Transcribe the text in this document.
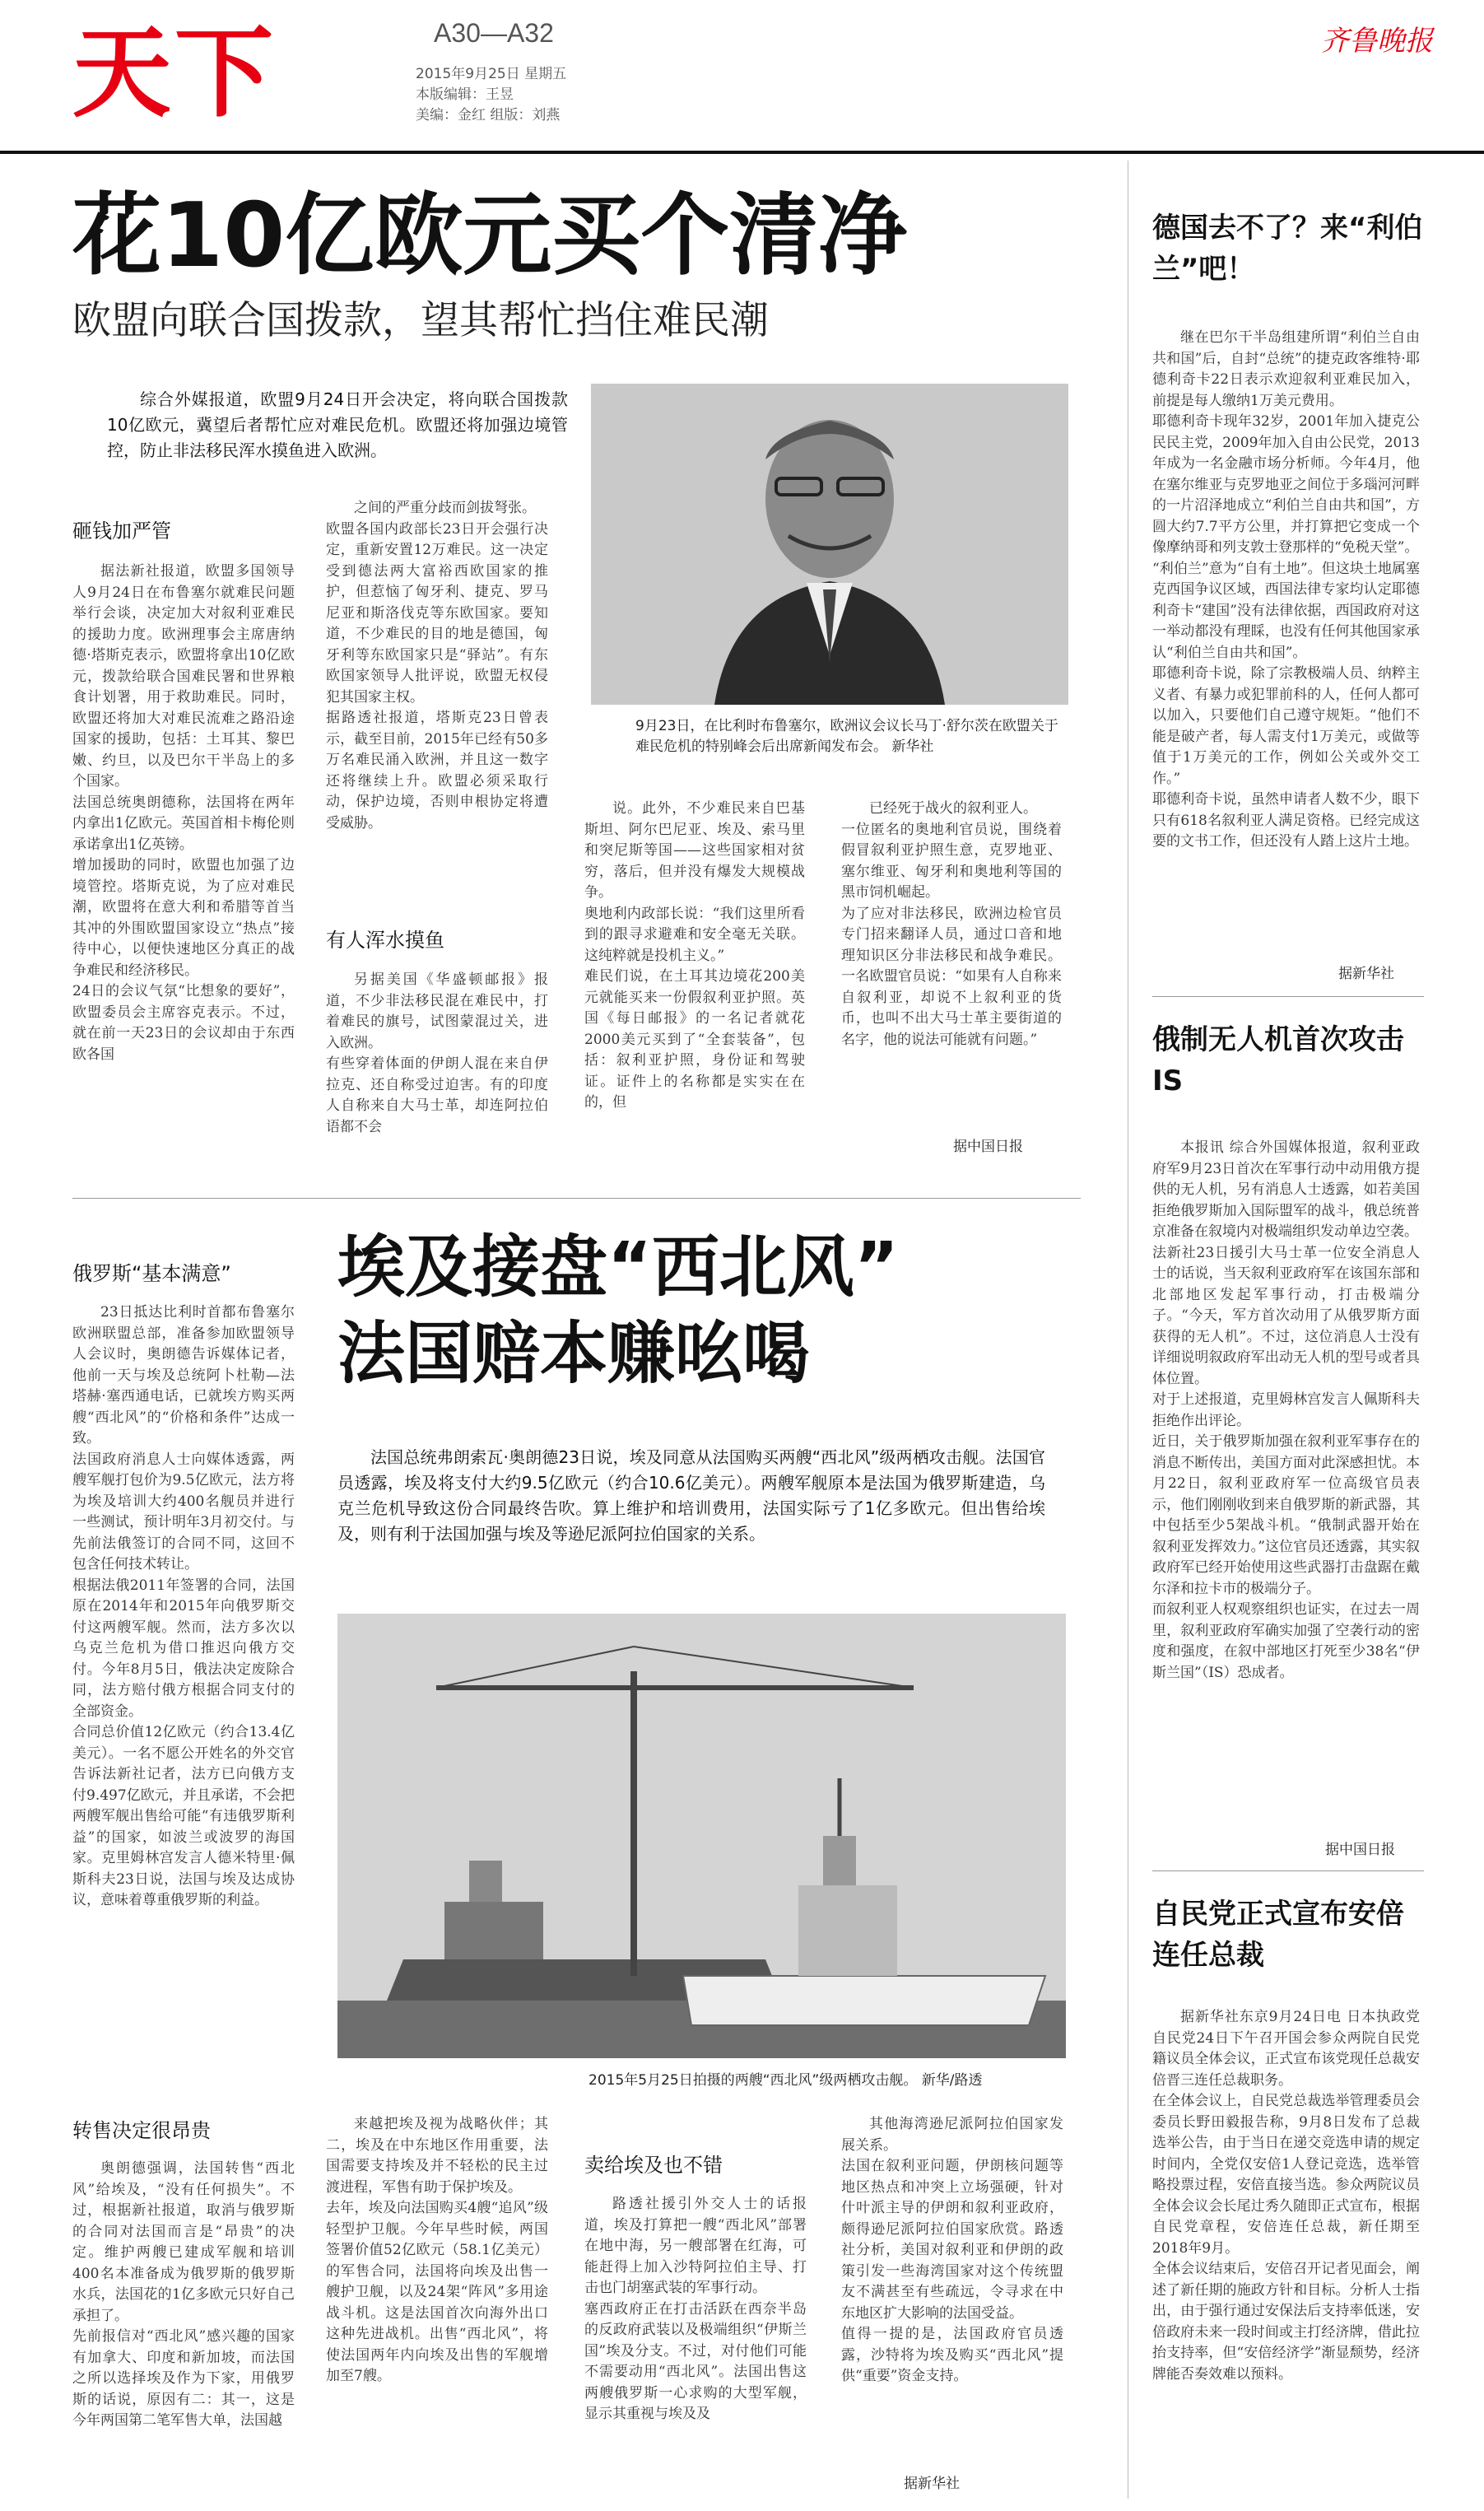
天下	A30—A32
2015年9月25日 星期五
本版编辑：王昱
美编：金红 组版：刘燕
齐鲁晚报
花10亿欧元买个清净
欧盟向联合国拨款，望其帮忙挡住难民潮
综合外媒报道，欧盟9月24日开会决定，将向联合国拨款10亿欧元，冀望后者帮忙应对难民危机。欧盟还将加强边境管控，防止非法移民浑水摸鱼进入欧洲。
砸钱加严管
据法新社报道，欧盟多国领导人9月24日在布鲁塞尔就难民问题举行会谈，决定加大对叙利亚难民的援助力度。欧洲理事会主席唐纳德·塔斯克表示，欧盟将拿出10亿欧元，拨款给联合国难民署和世界粮食计划署，用于救助难民。同时，欧盟还将加大对难民流难之路沿途国家的援助，包括：土耳其、黎巴嫩、约旦，以及巴尔干半岛上的多个国家。
法国总统奥朗德称，法国将在两年内拿出1亿欧元。英国首相卡梅伦则承诺拿出1亿英镑。
增加援助的同时，欧盟也加强了边境管控。塔斯克说，为了应对难民潮，欧盟将在意大利和希腊等首当其冲的外围欧盟国家设立“热点”接待中心，以便快速地区分真正的战争难民和经济移民。
24日的会议气氛“比想象的要好”，欧盟委员会主席容克表示。不过，就在前一天23日的会议却由于东西欧各国
之间的严重分歧而剑拔弩张。
欧盟各国内政部长23日开会强行决定，重新安置12万难民。这一决定受到德法两大富裕西欧国家的推护，但惹恼了匈牙利、捷克、罗马尼亚和斯洛伐克等东欧国家。要知道，不少难民的目的地是德国，匈牙利等东欧国家只是“驿站”。有东欧国家领导人批评说，欧盟无权侵犯其国家主权。
据路透社报道，塔斯克23日曾表示，截至目前，2015年已经有50多万名难民涌入欧洲，并且这一数字还将继续上升。欧盟必须采取行动，保护边境，否则申根协定将遭受威胁。
有人浑水摸鱼
另据美国《华盛顿邮报》报道，不少非法移民混在难民中，打着难民的旗号，试图蒙混过关，进入欧洲。
有些穿着体面的伊朗人混在来自伊拉克、还自称受过迫害。有的印度人自称来自大马士革，却连阿拉伯语都不会
9月23日，在比利时布鲁塞尔，欧洲议会议长马丁·舒尔茨在欧盟关于难民危机的特别峰会后出席新闻发布会。 新华社
说。此外，不少难民来自巴基斯坦、阿尔巴尼亚、埃及、索马里和突尼斯等国——这些国家相对贫穷，落后，但并没有爆发大规模战争。
奥地利内政部长说：“我们这里所看到的跟寻求避难和安全毫无关联。这纯粹就是投机主义。”
难民们说，在土耳其边境花200美元就能买来一份假叙利亚护照。英国《每日邮报》的一名记者就花2000美元买到了“全套装备”，包括：叙利亚护照，身份证和驾驶证。证件上的名称都是实实在在的，但
已经死于战火的叙利亚人。
一位匿名的奥地利官员说，围绕着假冒叙利亚护照生意，克罗地亚、塞尔维亚、匈牙利和奥地利等国的黑市饲机崛起。
为了应对非法移民，欧洲边检官员专门招来翻译人员，通过口音和地理知识区分非法移民和战争难民。一名欧盟官员说：“如果有人自称来自叙利亚，却说不上叙利亚的货币，也叫不出大马士革主要街道的名字，他的说法可能就有问题。”
据中国日报
俄罗斯“基本满意”
23日抵达比利时首都布鲁塞尔欧洲联盟总部，准备参加欧盟领导人会议时，奥朗德告诉媒体记者，他前一天与埃及总统阿卜杜勒—法塔赫·塞西通电话，已就埃方购买两艘“西北风”的“价格和条件”达成一致。
法国政府消息人士向媒体透露，两艘军舰打包价为9.5亿欧元，法方将为埃及培训大约400名舰员并进行一些测试，预计明年3月初交付。与先前法俄签订的合同不同，这回不包含任何技术转让。
根据法俄2011年签署的合同，法国原在2014年和2015年向俄罗斯交付这两艘军舰。然而，法方多次以乌克兰危机为借口推迟向俄方交付。今年8月5日，俄法决定废除合同，法方赔付俄方根据合同支付的全部资金。
合同总价值12亿欧元（约合13.4亿美元）。一名不愿公开姓名的外交官告诉法新社记者，法方已向俄方支付9.497亿欧元，并且承诺，不会把两艘军舰出售给可能“有违俄罗斯利益”的国家，如波兰或波罗的海国家。克里姆林宫发言人德米特里·佩斯科夫23日说，法国与埃及达成协议，意味着尊重俄罗斯的利益。
埃及接盘“西北风”
法国赔本赚吆喝
法国总统弗朗索瓦·奥朗德23日说，埃及同意从法国购买两艘“西北风”级两栖攻击舰。法国官员透露，埃及将支付大约9.5亿欧元（约合10.6亿美元）。两艘军舰原本是法国为俄罗斯建造，乌克兰危机导致这份合同最终告吹。算上维护和培训费用，法国实际亏了1亿多欧元。但出售给埃及，则有利于法国加强与埃及等逊尼派阿拉伯国家的关系。
2015年5月25日拍摄的两艘“西北风”级两栖攻击舰。 新华/路透
转售决定很昂贵
奥朗德强调，法国转售“西北风”给埃及，“没有任何损失”。不过，根据新社报道，取消与俄罗斯的合同对法国而言是“昂贵”的决定。维护两艘已建成军舰和培训400名本准备成为俄罗斯的俄罗斯水兵，法国花的1亿多欧元只好自己承担了。
先前报信对“西北风”感兴趣的国家有加拿大、印度和新加坡，而法国之所以选择埃及作为下家，用俄罗斯的话说，原因有二：其一，这是今年两国第二笔军售大单，法国越
来越把埃及视为战略伙伴；其二，埃及在中东地区作用重要，法国需要支持埃及并不轻松的民主过渡进程，军售有助于保护埃及。
去年，埃及向法国购买4艘“追风”级轻型护卫舰。今年早些时候，两国签署价值52亿欧元（58.1亿美元）的军售合同，法国将向埃及出售一艘护卫舰，以及24架“阵风”多用途战斗机。这是法国首次向海外出口这种先进战机。出售“西北风”，将使法国两年内向埃及出售的军舰增加至7艘。
卖给埃及也不错
路透社援引外交人士的话报道，埃及打算把一艘“西北风”部署在地中海，另一艘部署在红海，可能赶得上加入沙特阿拉伯主导、打击也门胡塞武装的军事行动。
塞西政府正在打击活跃在西奈半岛的反政府武装以及极端组织“伊斯兰国”埃及分支。不过，对付他们可能不需要动用“西北风”。法国出售这两艘俄罗斯一心求购的大型军舰，显示其重视与埃及及
其他海湾逊尼派阿拉伯国家发展关系。
法国在叙利亚问题，伊朗核问题等地区热点和冲突上立场强硬，针对什叶派主导的伊朗和叙利亚政府，颇得逊尼派阿拉伯国家欣赏。路透社分析，美国对叙利亚和伊朗的政策引发一些海湾国家对这个传统盟友不满甚至有些疏远，令寻求在中东地区扩大影响的法国受益。
值得一提的是，法国政府官员透露，沙特将为埃及购买“西北风”提供“重要”资金支持。
据新华社
德国去不了？来“利伯兰”吧！
继在巴尔干半岛组建所谓“利伯兰自由共和国”后，自封“总统”的捷克政客维特·耶德利奇卡22日表示欢迎叙利亚难民加入，前提是每人缴纳1万美元费用。
耶德利奇卡现年32岁，2001年加入捷克公民民主党，2009年加入自由公民党，2013年成为一名金融市场分析师。今年4月，他在塞尔维亚与克罗地亚之间位于多瑙河河畔的一片沼泽地成立“利伯兰自由共和国”，方圆大约7.7平方公里，并打算把它变成一个像摩纳哥和列支敦士登那样的“免税天堂”。
“利伯兰”意为“自有土地”。但这块土地属塞克西国争议区域，西国法律专家均认定耶德利奇卡“建国”没有法律依据，西国政府对这一举动都没有理睬，也没有任何其他国家承认“利伯兰自由共和国”。
耶德利奇卡说，除了宗教极端人员、纳粹主义者、有暴力或犯罪前科的人，任何人都可以加入，只要他们自己遵守规矩。“他们不能是破产者，每人需支付1万美元，或做等值于1万美元的工作，例如公关或外交工作。”
耶德利奇卡说，虽然申请者人数不少，眼下只有618名叙利亚人满足资格。已经完成这要的文书工作，但还没有人踏上这片土地。
据新华社
俄制无人机首次攻击IS
本报讯 综合外国媒体报道，叙利亚政府军9月23日首次在军事行动中动用俄方提供的无人机，另有消息人士透露，如若美国拒绝俄罗斯加入国际盟军的战斗，俄总统普京准备在叙境内对极端组织发动单边空袭。
法新社23日援引大马士革一位安全消息人士的话说，当天叙利亚政府军在该国东部和北部地区发起军事行动，打击极端分子。“今天，军方首次动用了从俄罗斯方面获得的无人机”。不过，这位消息人士没有详细说明叙政府军出动无人机的型号或者具体位置。
对于上述报道，克里姆林宫发言人佩斯科夫拒绝作出评论。
近日，关于俄罗斯加强在叙利亚军事存在的消息不断传出，美国方面对此深感担忧。本月22日，叙利亚政府军一位高级官员表示，他们刚刚收到来自俄罗斯的新武器，其中包括至少5架战斗机。“俄制武器开始在叙利亚发挥效力。”这位官员还透露，其实叙政府军已经开始使用这些武器打击盘踞在戴尔泽和拉卡市的极端分子。
而叙利亚人权观察组织也证实，在过去一周里，叙利亚政府军确实加强了空袭行动的密度和强度，在叙中部地区打死至少38名“伊斯兰国”（IS）恐成者。
据中国日报
自民党正式宣布安倍连任总裁
据新华社东京9月24日电 日本执政党自民党24日下午召开国会参众两院自民党籍议员全体会议，正式宣布该党现任总裁安倍晋三连任总裁职务。
在全体会议上，自民党总裁选举管理委员会委员长野田毅报告称，9月8日发布了总裁选举公告，由于当日在递交竞选申请的规定时间内，全党仅安倍1人登记竞选，选举管略投票过程，安倍直接当选。参众两院议员全体会议会长尾辻秀久随即正式宣布，根据自民党章程，安倍连任总裁，新任期至2018年9月。
全体会议结束后，安倍召开记者见面会，阐述了新任期的施政方针和目标。分析人士指出，由于强行通过安保法后支持率低迷，安倍政府未来一段时间或主打经济牌，借此拉抬支持率，但“安倍经济学”渐显颓势，经济牌能否奏效难以预料。
